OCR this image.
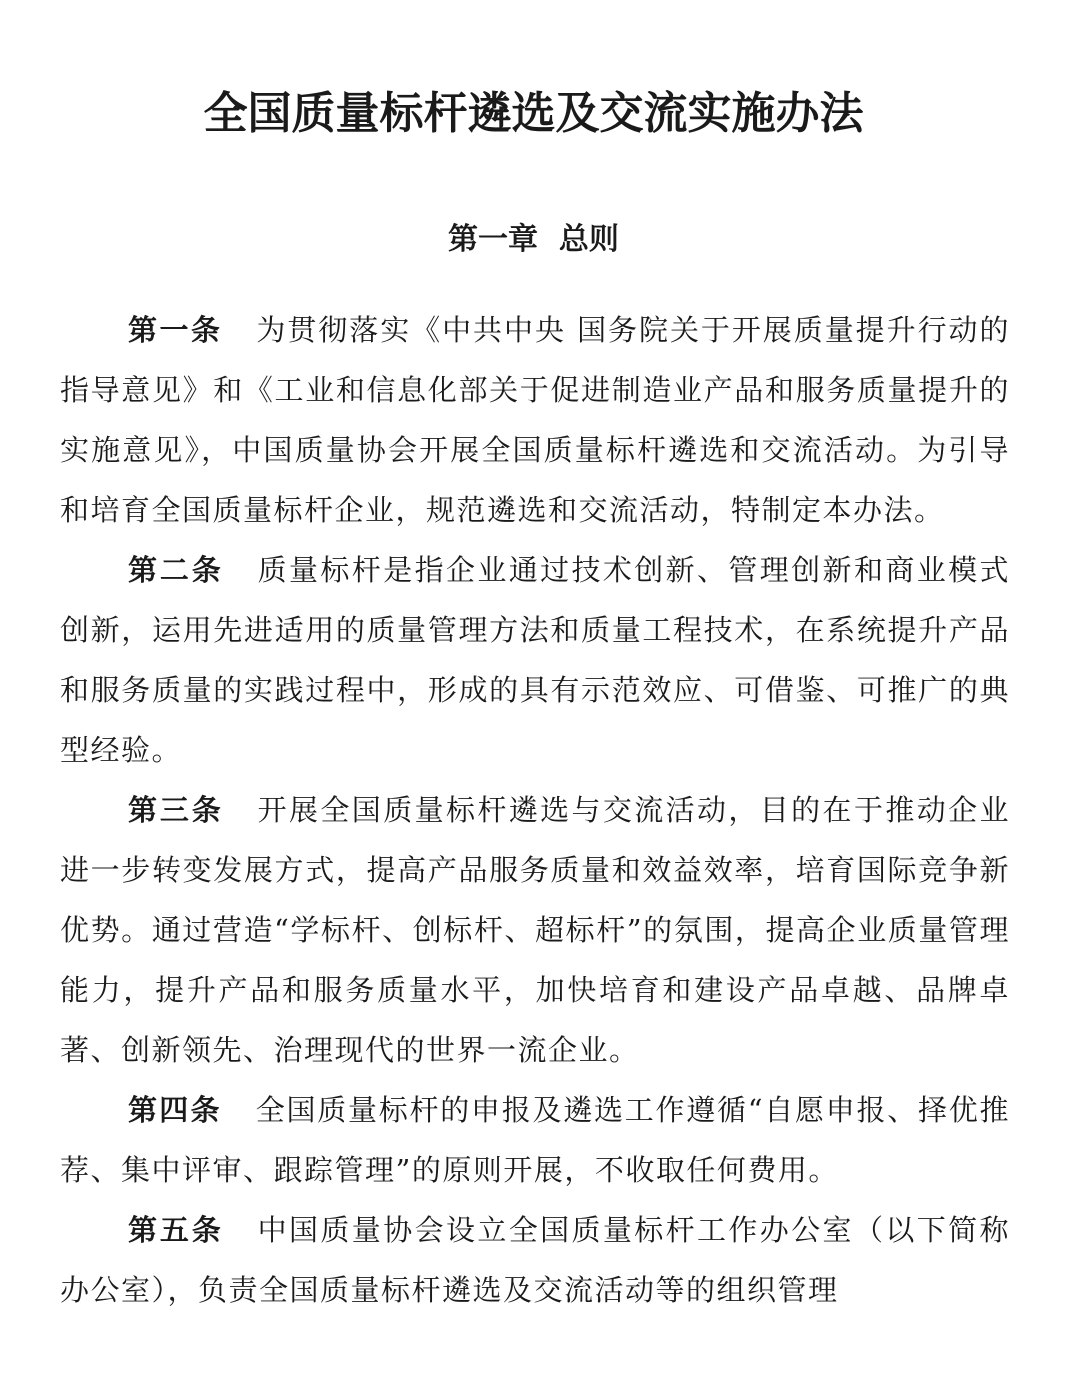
全国质量标杆遴选及交流实施办法
第一章  总则

第一条 为贯彻落实《中共中央 国务院关于开展质量提升行动的指导意见》和《工业和信息化部关于促进制造业产品和服务质量提升的实施意见》，中国质量协会开展全国质量标杆遴选和交流活动。为引导和培育全国质量标杆企业，规范遴选和交流活动，特制定本办法。

第二条 质量标杆是指企业通过技术创新、管理创新和商业模式创新，运用先进适用的质量管理方法和质量工程技术，在系统提升产品和服务质量的实践过程中，形成的具有示范效应、可借鉴、可推广的典型经验。

第三条 开展全国质量标杆遴选与交流活动，目的在于推动企业进一步转变发展方式，提高产品服务质量和效益效率，培育国际竞争新优势。通过营造“学标杆、创标杆、超标杆”的氛围，提高企业质量管理能力，提升产品和服务质量水平，加快培育和建设产品卓越、品牌卓著、创新领先、治理现代的世界一流企业。

第四条 全国质量标杆的申报及遴选工作遵循“自愿申报、择优推荐、集中评审、跟踪管理”的原则开展，不收取任何费用。

第五条 中国质量协会设立全国质量标杆工作办公室（以下简称办公室），负责全国质量标杆遴选及交流活动等的组织管理
